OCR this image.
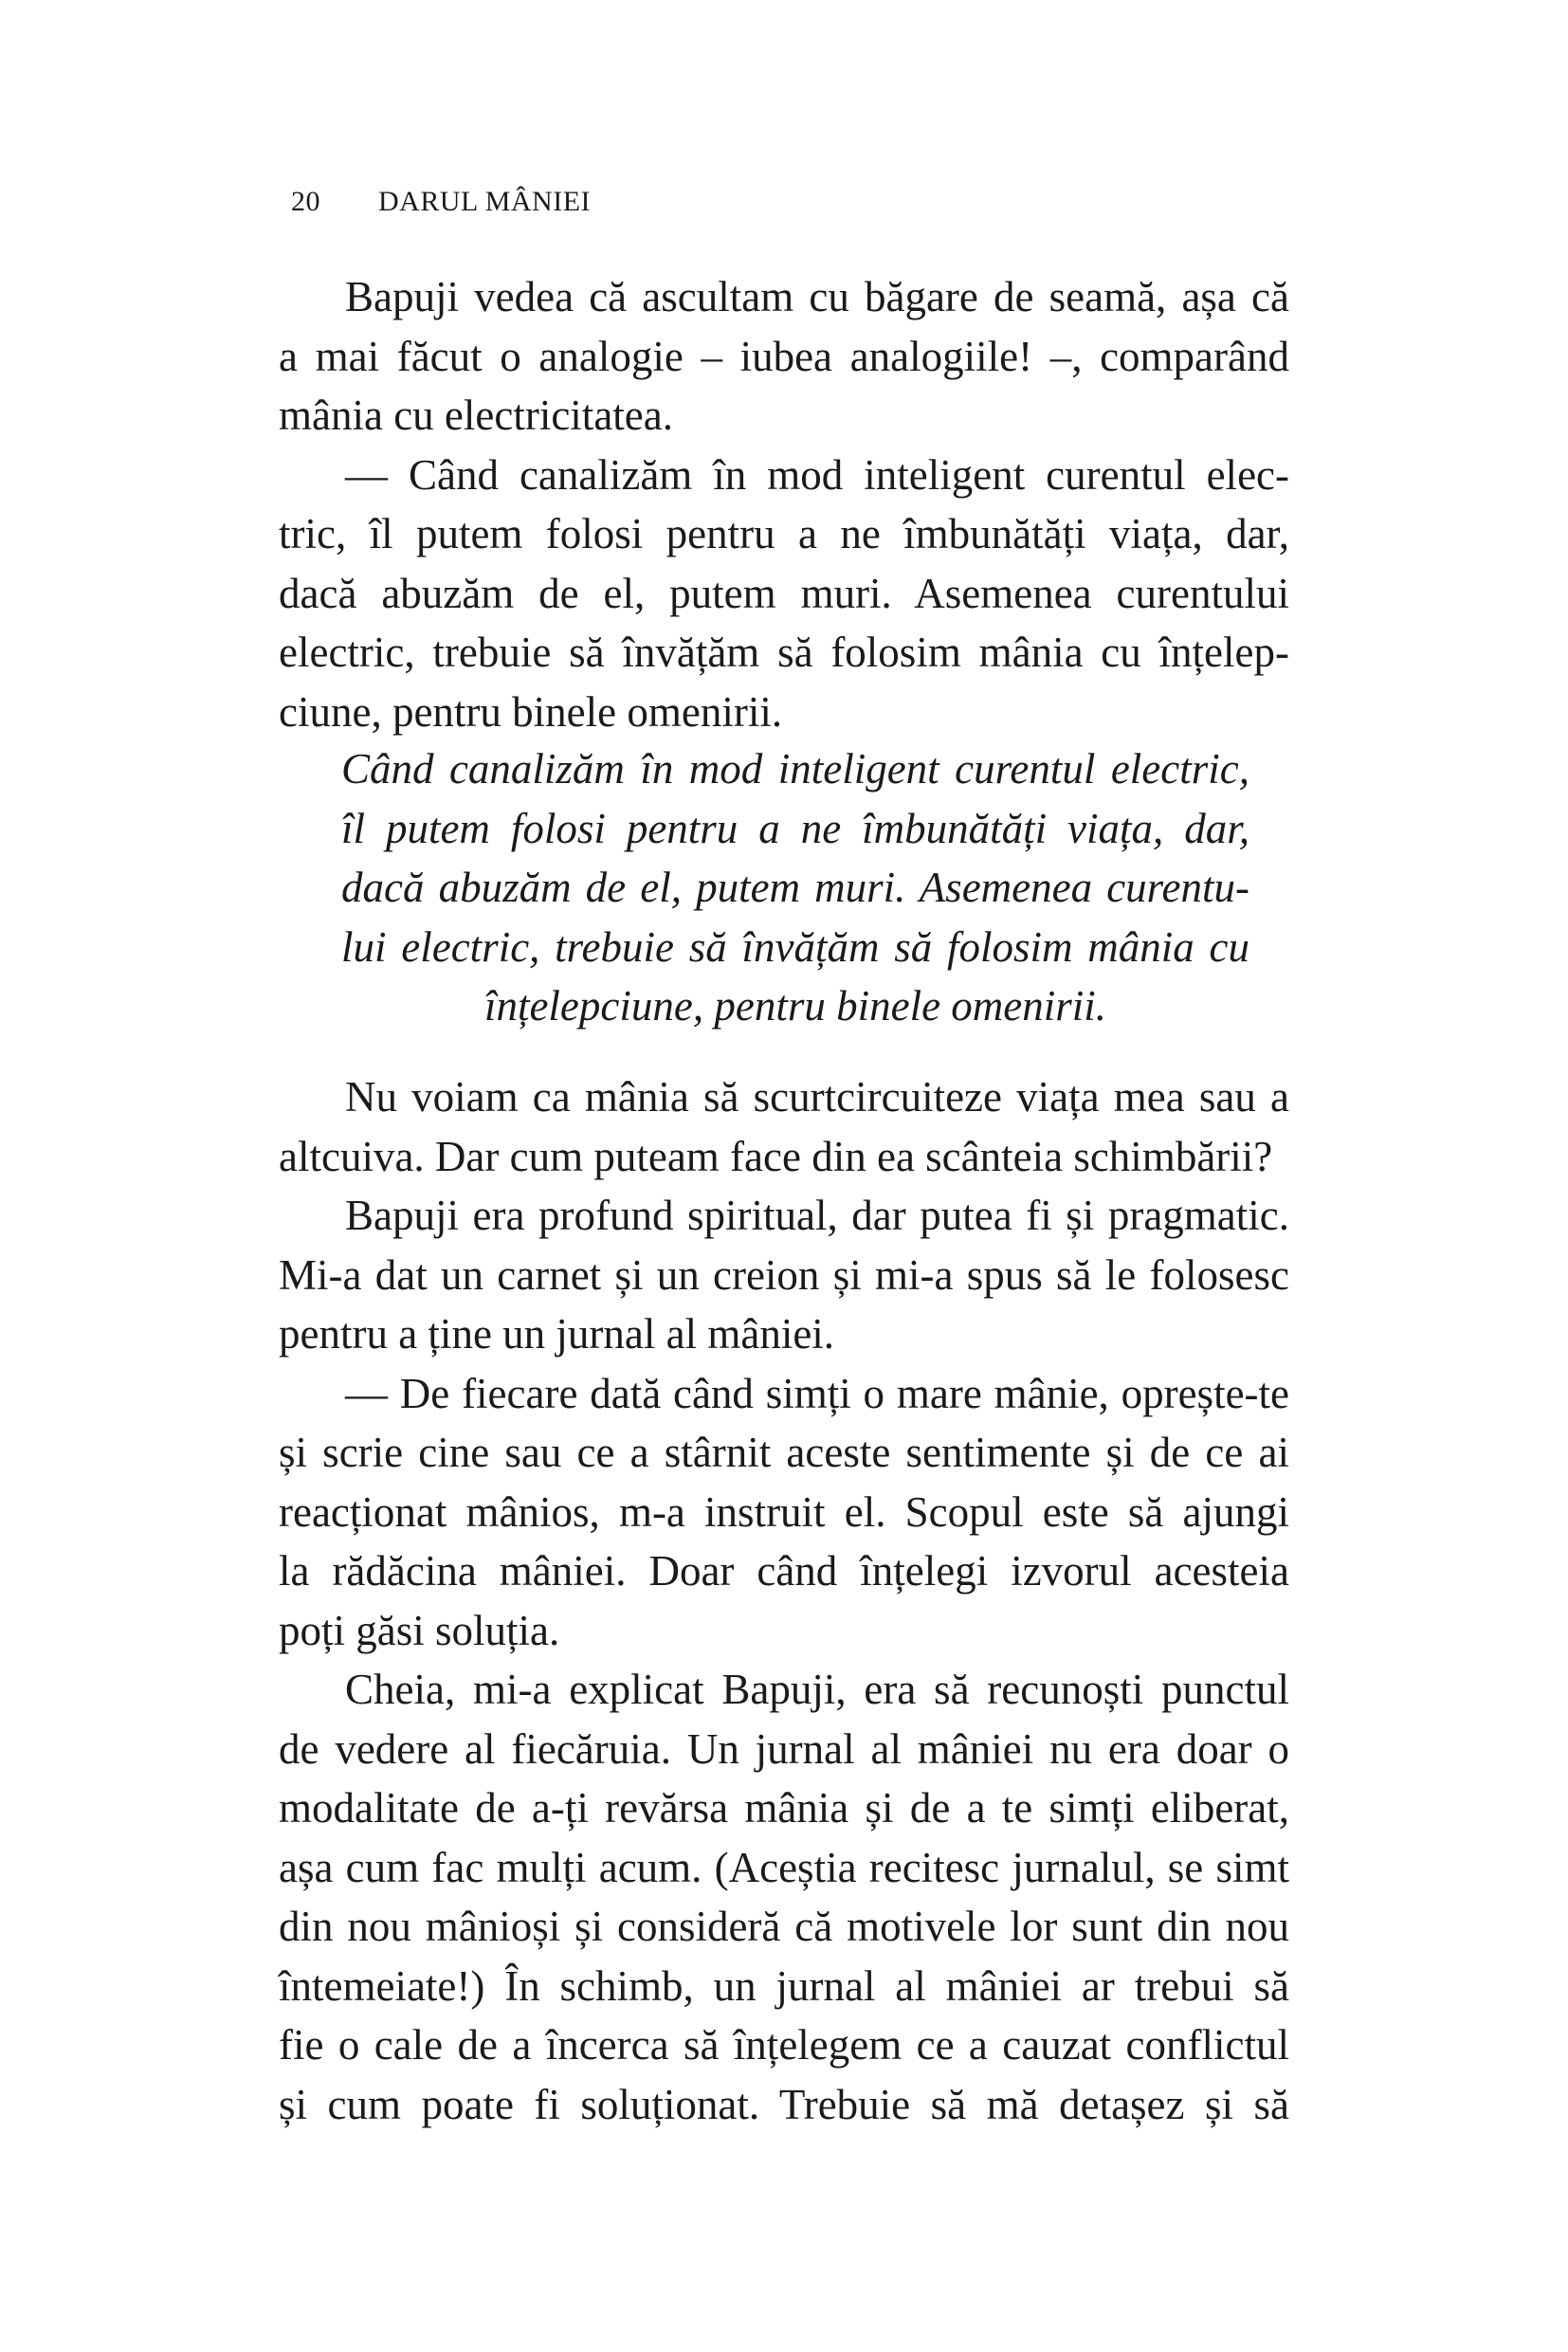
20 DARUL MÂNIEI
Bapuji vedea că ascultam cu băgare de seamă, așa că
a mai făcut o analogie – iubea analogiile! –, comparând
mânia cu electricitatea.
— Când canalizăm în mod inteligent curentul elec-
tric, îl putem folosi pentru a ne îmbunătăți viața, dar,
dacă abuzăm de el, putem muri. Asemenea curentului
electric, trebuie să învățăm să folosim mânia cu înțelep-
ciune, pentru binele omenirii.
Când canalizăm în mod inteligent curentul electric,
îl putem folosi pentru a ne îmbunătăți viața, dar,
dacă abuzăm de el, putem muri. Asemenea curentu-
lui electric, trebuie să învățăm să folosim mânia cu
înțelepciune, pentru binele omenirii.
Nu voiam ca mânia să scurtcircuiteze viața mea sau a
altcuiva. Dar cum puteam face din ea scânteia schimbării?
Bapuji era profund spiritual, dar putea fi și pragmatic.
Mi-a dat un carnet și un creion și mi-a spus să le folosesc
pentru a ține un jurnal al mâniei.
— De fiecare dată când simți o mare mânie, oprește-te
și scrie cine sau ce a stârnit aceste sentimente și de ce ai
reacționat mânios, m-a instruit el. Scopul este să ajungi
la rădăcina mâniei. Doar când înțelegi izvorul acesteia
poți găsi soluția.
Cheia, mi-a explicat Bapuji, era să recunoști punctul
de vedere al fiecăruia. Un jurnal al mâniei nu era doar o
modalitate de a-ți revărsa mânia și de a te simți eliberat,
așa cum fac mulți acum. (Aceștia recitesc jurnalul, se simt
din nou mânioși și consideră că motivele lor sunt din nou
întemeiate!) În schimb, un jurnal al mâniei ar trebui să
fie o cale de a încerca să înțelegem ce a cauzat conflictul
și cum poate fi soluționat. Trebuie să mă detașez și să
